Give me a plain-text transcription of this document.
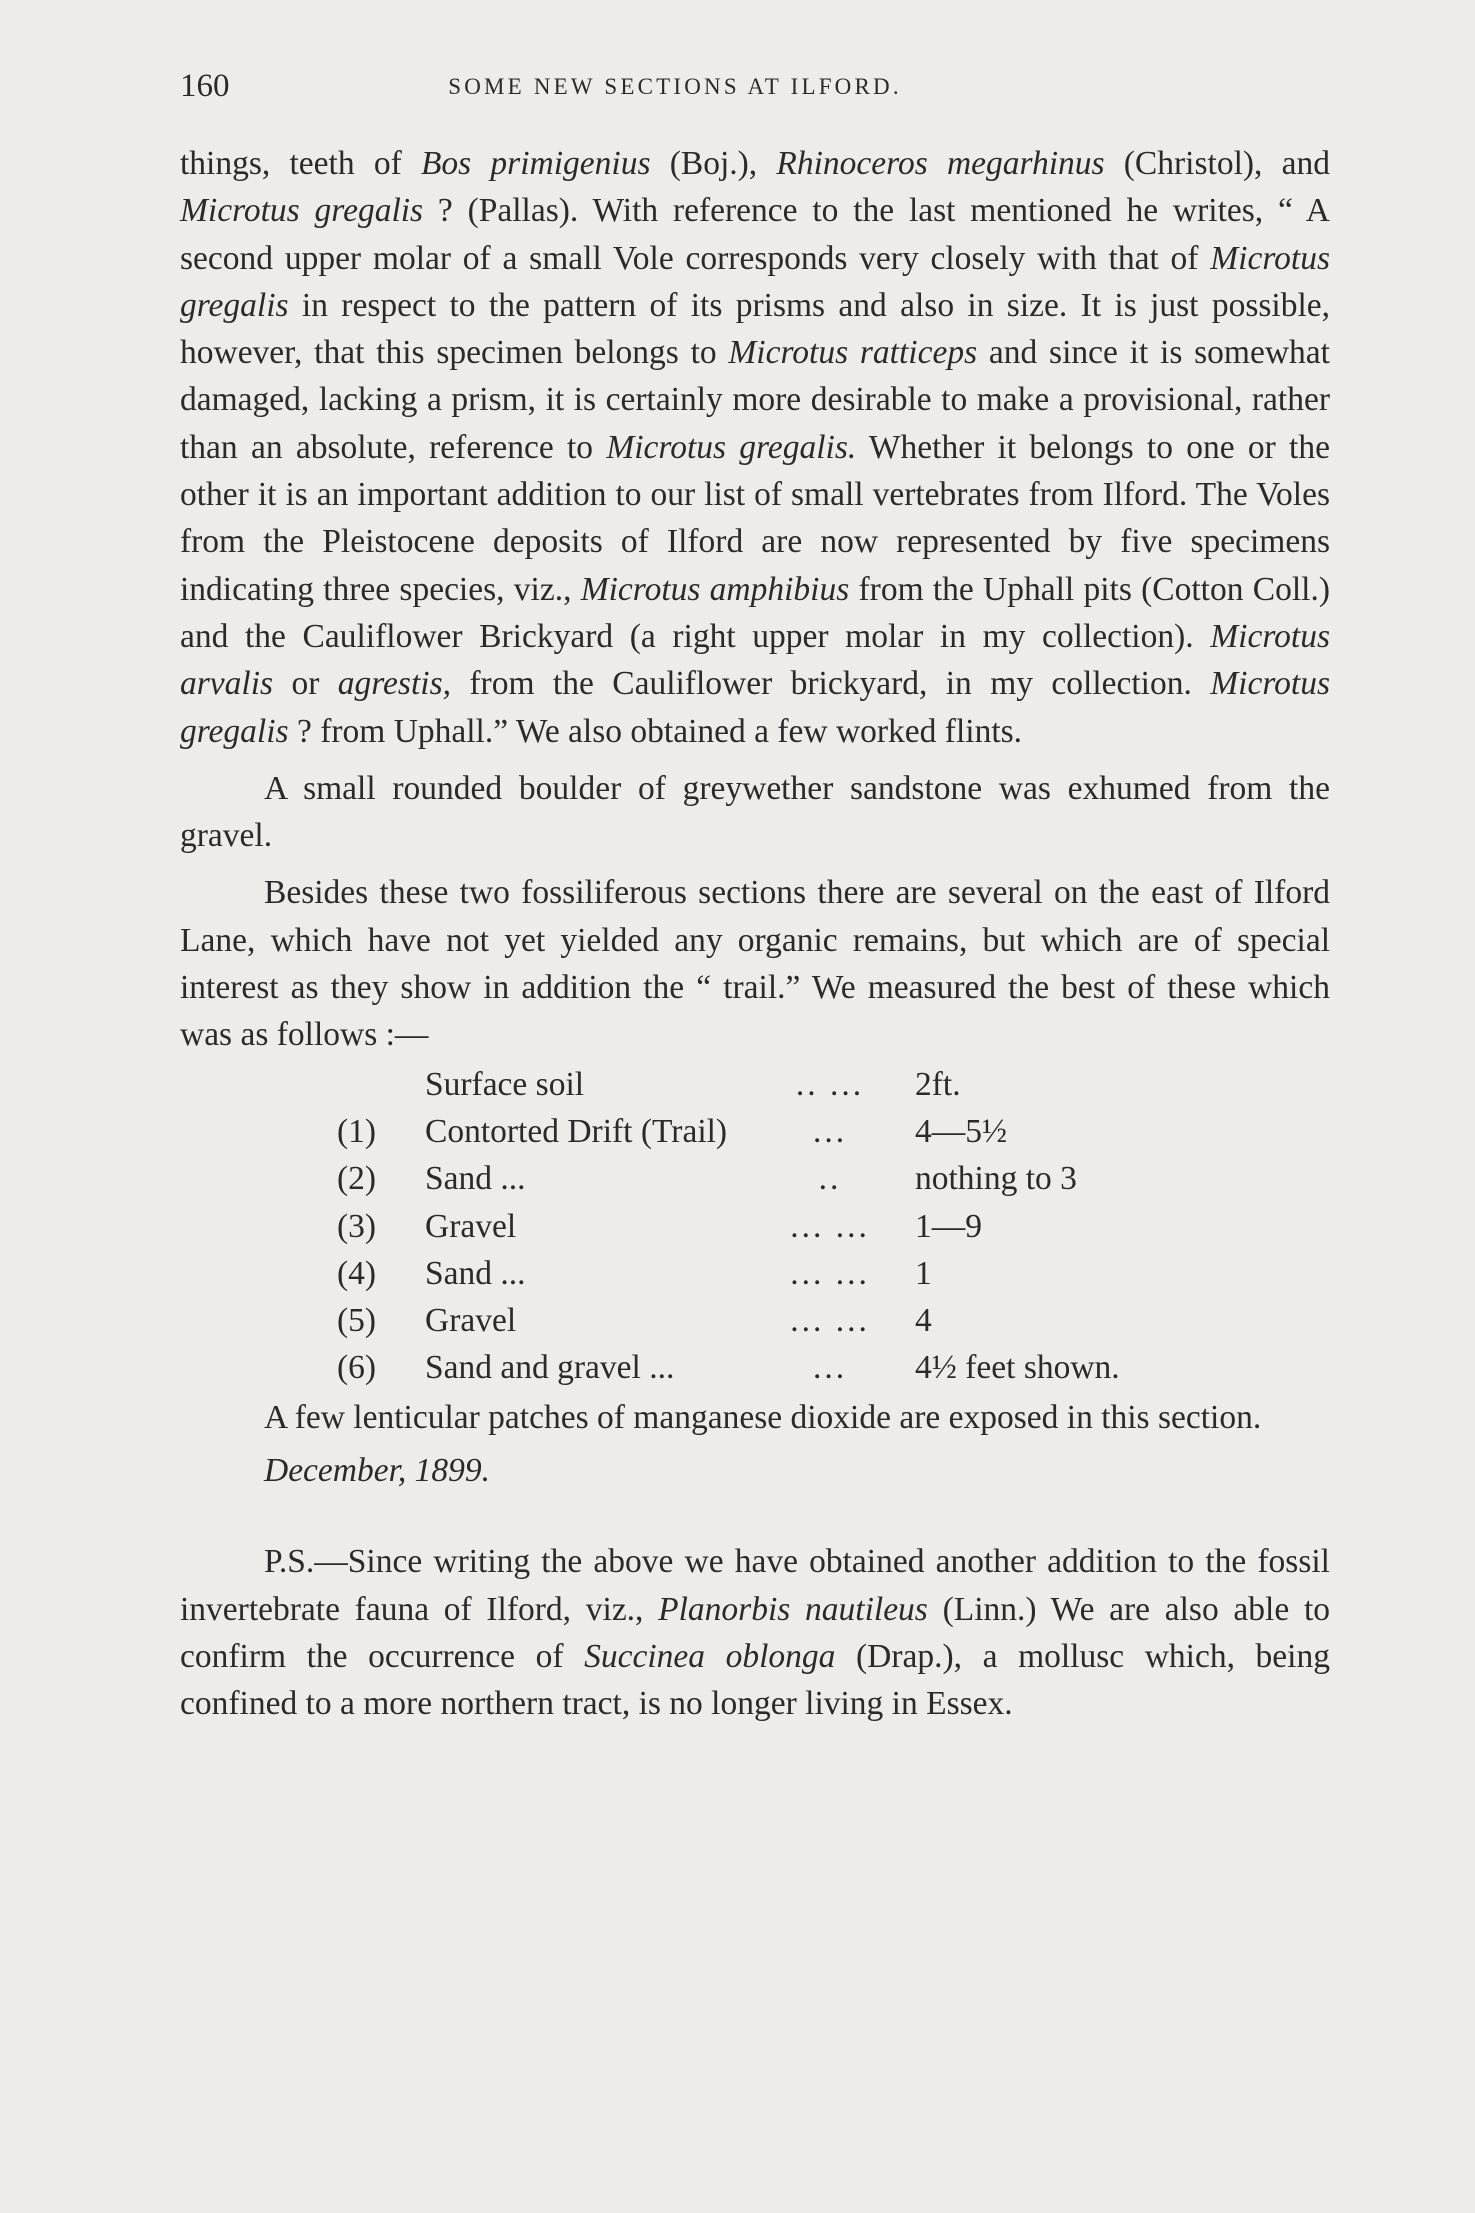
160	SOME NEW SECTIONS AT ILFORD.

things, teeth of Bos primigenius (Boj.), Rhinoceros megarhinus (Christol), and Microtus gregalis ? (Pallas). With reference to the last mentioned he writes, “ A second upper molar of a small Vole corresponds very closely with that of Microtus gregalis in respect to the pattern of its prisms and also in size. It is just possible, however, that this specimen belongs to Microtus ratticeps and since it is somewhat damaged, lacking a prism, it is certainly more desirable to make a provisional, rather than an absolute, reference to Microtus gregalis. Whether it belongs to one or the other it is an important addition to our list of small vertebrates from Ilford. The Voles from the Pleistocene deposits of Ilford are now represented by five specimens indicating three species, viz., Microtus amphibius from the Uphall pits (Cotton Coll.) and the Cauliflower Brickyard (a right upper molar in my collection). Microtus arvalis or agrestis, from the Cauliflower brickyard, in my collection. Microtus gregalis ? from Uphall.” We also obtained a few worked flints.

A small rounded boulder of greywether sandstone was exhumed from the gravel.

Besides these two fossiliferous sections there are several on the east of Ilford Lane, which have not yet yielded any organic remains, but which are of special interest as they show in addition the “ trail.” We measured the best of these which was as follows :—

	Surface soil	.. ...	2ft.
(1)	Contorted Drift (Trail)	...	4—5½
(2)	Sand ...	..	nothing to 3
(3)	Gravel	... ...	1—9
(4)	Sand ...	... ...	1
(5)	Gravel	... ...	4
(6)	Sand and gravel ...	...	4½ feet shown.

A few lenticular patches of manganese dioxide are exposed in this section.

December, 1899.

P.S.—Since writing the above we have obtained another addition to the fossil invertebrate fauna of Ilford, viz., Planorbis nautileus (Linn.) We are also able to confirm the occurrence of Succinea oblonga (Drap.), a mollusc which, being confined to a more northern tract, is no longer living in Essex.
